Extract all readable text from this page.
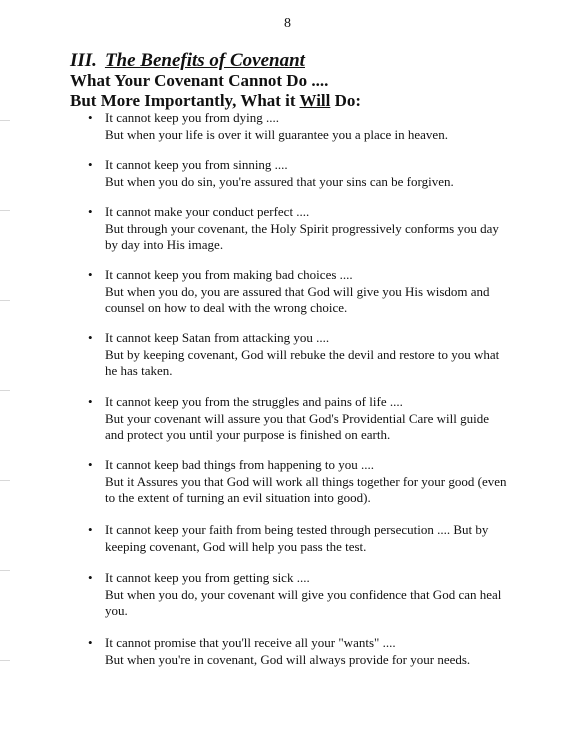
8
III. The Benefits of Covenant
What Your Covenant Cannot Do ....
But More Importantly, What it Will Do:
• It cannot keep you from dying ....
But when your life is over it will guarantee you a place in heaven.
• It cannot keep you from sinning ....
But when you do sin, you're assured that your sins can be forgiven.
• It cannot make your conduct perfect ....
But through your covenant, the Holy Spirit progressively conforms you day
by day into His image.
• It cannot keep you from making bad choices ....
But when you do, you are assured that God will give you His wisdom and
counsel on how to deal with the wrong choice.
• It cannot keep Satan from attacking you ....
But by keeping covenant, God will rebuke the devil and restore to you what
he has taken.
• It cannot keep you from the struggles and pains of life ....
But your covenant will assure you that God's Providential Care will guide
and protect you until your purpose is finished on earth.
• It cannot keep bad things from happening to you ....
But it Assures you that God will work all things together for your good (even
to the extent of turning an evil situation into good).
• It cannot keep your faith from being tested through persecution .... But by
keeping covenant, God will help you pass the test.
• It cannot keep you from getting sick ....
But when you do, your covenant will give you confidence that God can heal
you.
• It cannot promise that you'll receive all your "wants" ....
But when you're in covenant, God will always provide for your needs.
